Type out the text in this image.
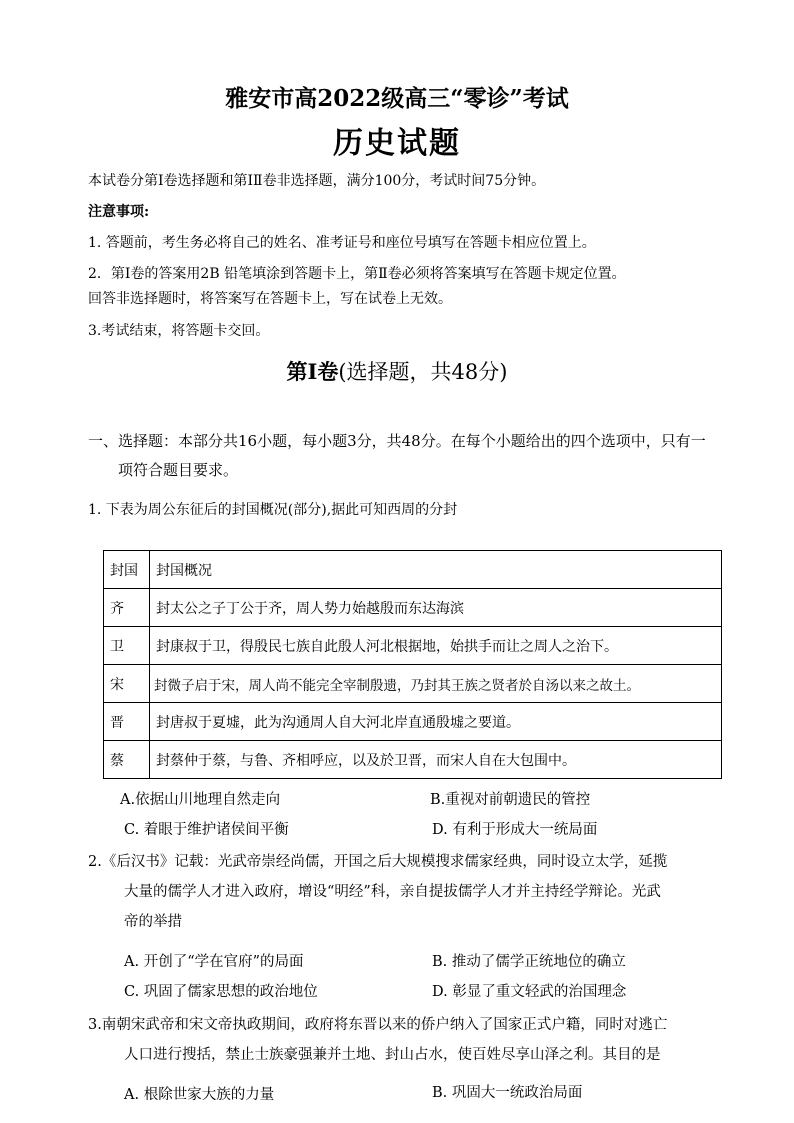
雅安市高2022级高三“零诊”考试
历史试题
本试卷分第Ⅰ卷选择题和第ⅠⅡ卷非选择题，满分100分，考试时间75分钟。
注意事项:
1. 答题前，考生务必将自己的姓名、准考证号和座位号填写在答题卡相应位置上。
2．第Ⅰ卷的答案用2B 铅笔填涂到答题卡上，第Ⅱ卷必须将答案填写在答题卡规定位置。
回答非选择题时，将答案写在答题卡上，写在试卷上无效。
3.考试结束，将答题卡交回。
第Ⅰ卷(选择题，共48分)
一、选择题：本部分共16小题，每小题3分，共48分。在每个小题给出的四个选项中，只有一
项符合题目要求。
1. 下表为周公东征后的封国概况(部分),据此可知西周的分封
封国	封国概况
齐	封太公之子丁公于齐，周人势力始越殷而东达海滨
卫	封康叔于卫，得殷民七族自此殷人河北根据地，始拱手而让之周人之治下。
宋	封微子启于宋，周人尚不能完全宰制殷遗，乃封其王族之贤者於自汤以来之故土。
晋	封唐叔于夏墟，此为沟通周人自大河北岸直通殷墟之要道。
蔡	封蔡仲于蔡，与鲁、齐相呼应，以及於卫晋，而宋人自在大包围中。
A.依据山川地理自然走向	B.重视对前朝遗民的管控
C. 着眼于维护诸侯间平衡	D. 有利于形成大一统局面
2.《后汉书》记载：光武帝崇经尚儒，开国之后大规模搜求儒家经典，同时设立太学，延揽
大量的儒学人才进入政府，增设“明经”科，亲自提拔儒学人才并主持经学辩论。光武
帝的举措
A. 开创了“学在官府”的局面	B. 推动了儒学正统地位的确立
C. 巩固了儒家思想的政治地位	D. 彰显了重文轻武的治国理念
3.南朝宋武帝和宋文帝执政期间，政府将东晋以来的侨户纳入了国家正式户籍，同时对逃亡
人口进行搜括，禁止士族豪强兼并土地、封山占水，使百姓尽享山泽之利。其目的是
A. 根除世家大族的力量	B. 巩固大一统政治局面
